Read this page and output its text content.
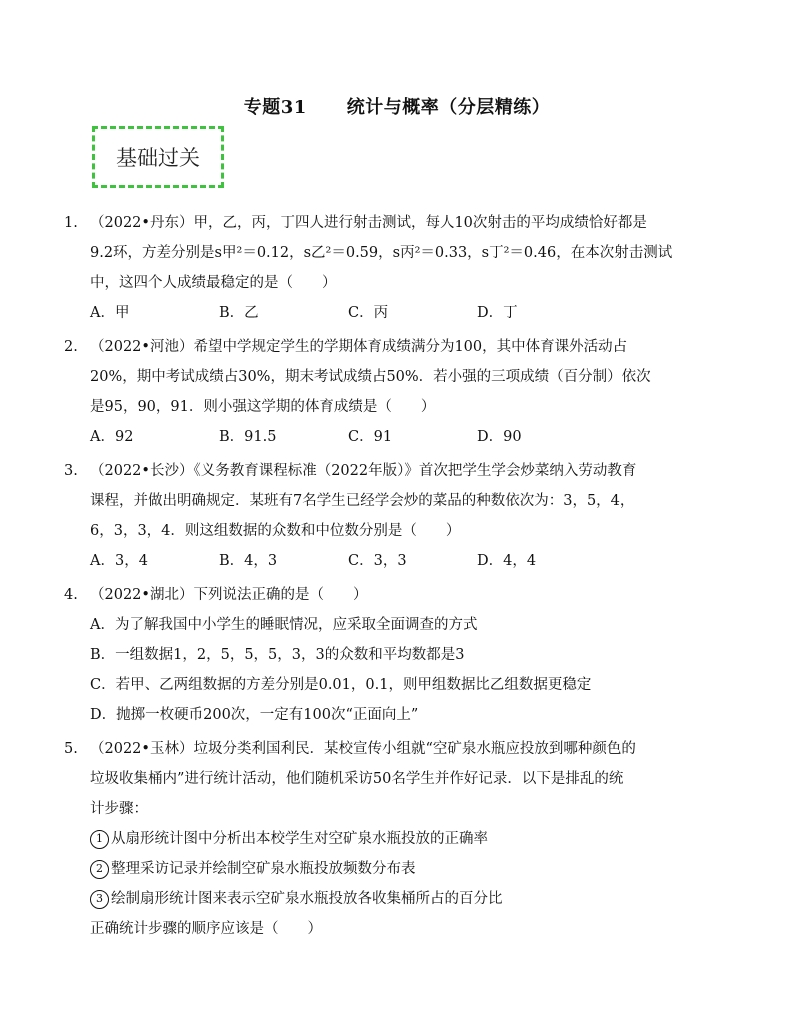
专题31 统计与概率（分层精练）
基础过关
1. （2022•丹东）甲，乙，丙，丁四人进行射击测试，每人10次射击的平均成绩恰好都是
9.2环，方差分别是s甲²＝0.12，s乙²＝0.59，s丙²＝0.33，s丁²＝0.46，在本次射击测试
中，这四个人成绩最稳定的是（　　）
A．甲	B．乙	C．丙	D．丁
2. （2022•河池）希望中学规定学生的学期体育成绩满分为100，其中体育课外活动占
20%，期中考试成绩占30%，期末考试成绩占50%．若小强的三项成绩（百分制）依次
是95，90，91．则小强这学期的体育成绩是（　　）
A．92	B．91.5	C．91	D．90
3. （2022•长沙）《义务教育课程标准（2022年版）》首次把学生学会炒菜纳入劳动教育
课程，并做出明确规定．某班有7名学生已经学会炒的菜品的种数依次为：3，5，4，
6，3，3，4．则这组数据的众数和中位数分别是（　　）
A．3，4	B．4，3	C．3，3	D．4，4
4. （2022•湖北）下列说法正确的是（　　）
A．为了解我国中小学生的睡眠情况，应采取全面调查的方式
B．一组数据1，2，5，5，5，3，3的众数和平均数都是3
C．若甲、乙两组数据的方差分别是0.01，0.1，则甲组数据比乙组数据更稳定
D．抛掷一枚硬币200次，一定有100次“正面向上”
5. （2022•玉林）垃圾分类利国利民．某校宣传小组就“空矿泉水瓶应投放到哪种颜色的
垃圾收集桶内”进行统计活动，他们随机采访50名学生并作好记录．以下是排乱的统
计步骤：
1 从扇形统计图中分析出本校学生对空矿泉水瓶投放的正确率
2 整理采访记录并绘制空矿泉水瓶投放频数分布表
3 绘制扇形统计图来表示空矿泉水瓶投放各收集桶所占的百分比
正确统计步骤的顺序应该是（　　）
